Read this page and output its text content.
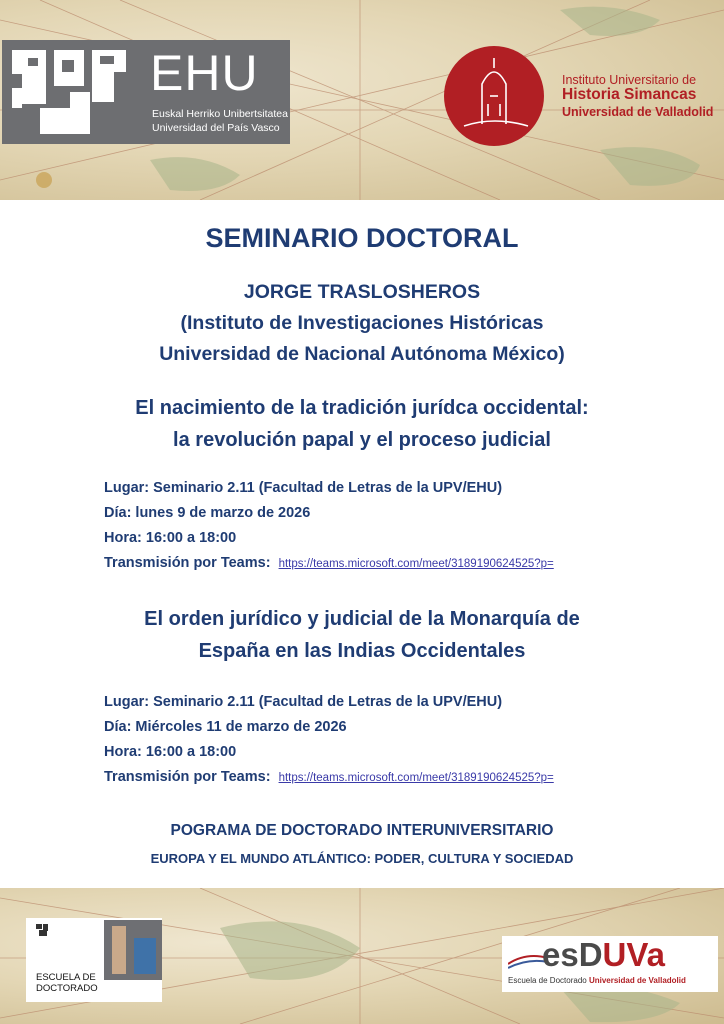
EHU
Euskal Herriko Unibertsitatea
Universidad del País Vasco
Instituto Universitario de
Historia Simancas
Universidad de Valladolid
SEMINARIO DOCTORAL
JORGE TRASLOSHEROS
(Instituto de Investigaciones Históricas
Universidad de Nacional Autónoma México)
El nacimiento de la tradición jurídca occidental:
la revolución papal y el proceso judicial
Lugar: Seminario 2.11 (Facultad de Letras de la UPV/EHU)
Día: lunes 9 de marzo de 2026
Hora: 16:00 a 18:00
Transmisión por Teams: https://teams.microsoft.com/meet/3189190624525?p=
El orden jurídico y judicial de la Monarquía de
España en las Indias Occidentales
Lugar: Seminario 2.11 (Facultad de Letras de la UPV/EHU)
Día: Miércoles 11 de marzo de 2026
Hora: 16:00 a 18:00
Transmisión por Teams: https://teams.microsoft.com/meet/3189190624525?p=
POGRAMA DE DOCTORADO INTERUNIVERSITARIO
EUROPA Y EL MUNDO ATLÁNTICO: PODER, CULTURA Y SOCIEDAD
ESCUELA DE
DOCTORADO
esDUVa
Escuela de Doctorado Universidad de Valladolid
